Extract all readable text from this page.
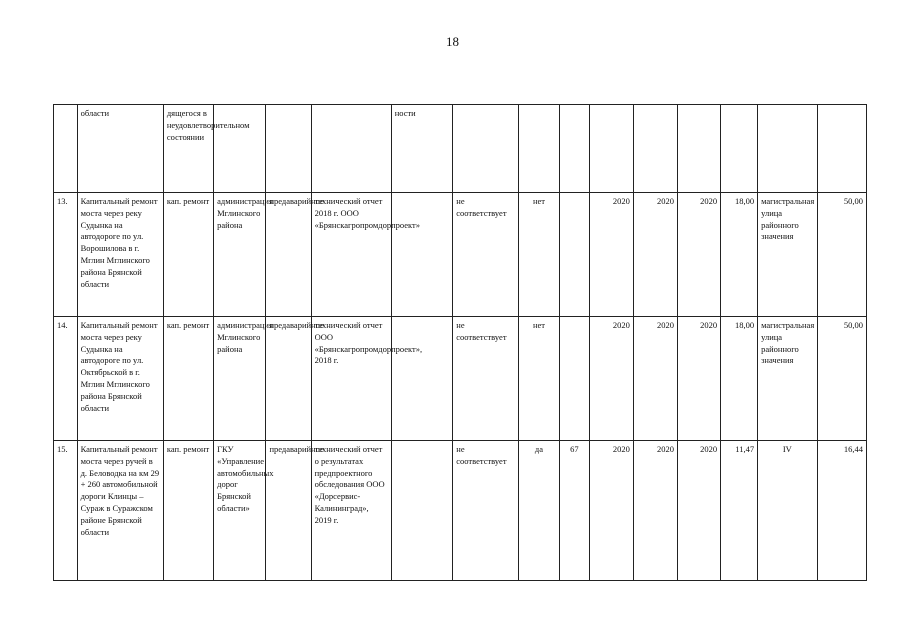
18
	области	дящегося в неудовлетворительном состоянии				ности									
13.	Капитальный ремонт моста через реку Судынка на автодороге по ул. Ворошилова в г. Мглин Мглинского района Брянской области	кап. ремонт	администрация Мглинского района	предаварийное	технический отчет 2018 г. ООО «Брянскагропромдорпроект»		не соответствует	нет		2020	2020	2020	18,00	магистральная улица районного значения	50,00
14.	Капитальный ремонт моста через реку Судынка на автодороге по ул. Октябрьской в г. Мглин Мглинского района Брянской области	кап. ремонт	администрация Мглинского района	предаварийное	технический отчет ООО «Брянскагропромдорпроект», 2018 г.		не соответствует	нет		2020	2020	2020	18,00	магистральная улица районного значения	50,00
15.	Капитальный ремонт моста через ручей в д. Беловодка на км 29 + 260 автомобильной дороги Клинцы – Сураж в Суражском районе Брянской области	кап. ремонт	ГКУ «Управление автомобильных дорог Брянской области»	предаварийное	технический отчет о результатах предпроектного обследования ООО «Дорсервис-Калининград», 2019 г.		не соответствует	да	67	2020	2020	2020	11,47	IV	16,44
